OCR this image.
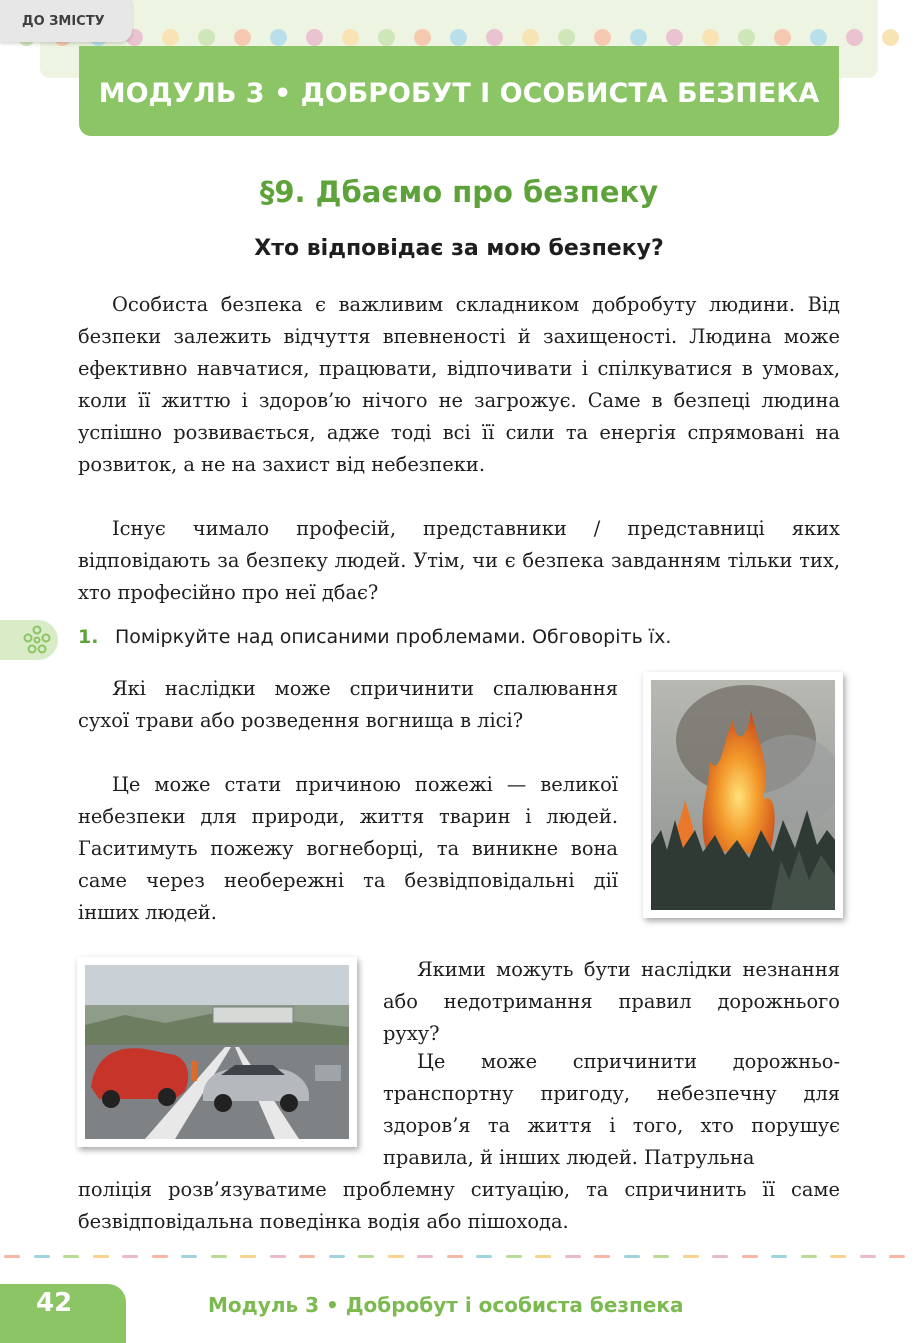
ДО ЗМІСТУ
МОДУЛЬ 3 • ДОБРОБУТ І ОСОБИСТА БЕЗПЕКА
§9. Дбаємо про безпеку
Хто відповідає за мою безпеку?

Особиста безпека є важливим складником добробуту людини. Від безпеки залежить відчуття впевненості й захищеності. Людина може ефективно навчатися, працювати, відпочивати і спілкуватися в умовах, коли її життю і здоров’ю нічого не загрожує. Саме в безпеці людина успішно розвивається, адже тоді всі її сили та енергія спрямовані на розвиток, а не на захист від небезпеки.

Існує чимало професій, представники / представниці яких відповідають за безпеку людей. Утім, чи є безпека завданням тільки тих, хто професійно про неї дбає?

1. Поміркуйте над описаними проблемами. Обговоріть їх.

Які наслідки може спричинити спалювання сухої трави або розведення вогнища в лісі?

Це може стати причиною пожежі — великої небезпеки для природи, життя тварин і людей. Гаситимуть пожежу вогнеборці, та виникне вона саме через необережні та безвідповідальні дії інших людей.

Якими можуть бути наслідки незнання або недотримання правил дорожнього руху?

Це може спричинити дорожньо-транспортну пригоду, небезпечну для здоров’я та життя і того, хто порушує правила, й інших людей. Патрульна

поліція розв’язуватиме проблемну ситуацію, та спричинить її саме безвідповідальна поведінка водія або пішохода.

42	Модуль 3 • Добробут і особиста безпека
